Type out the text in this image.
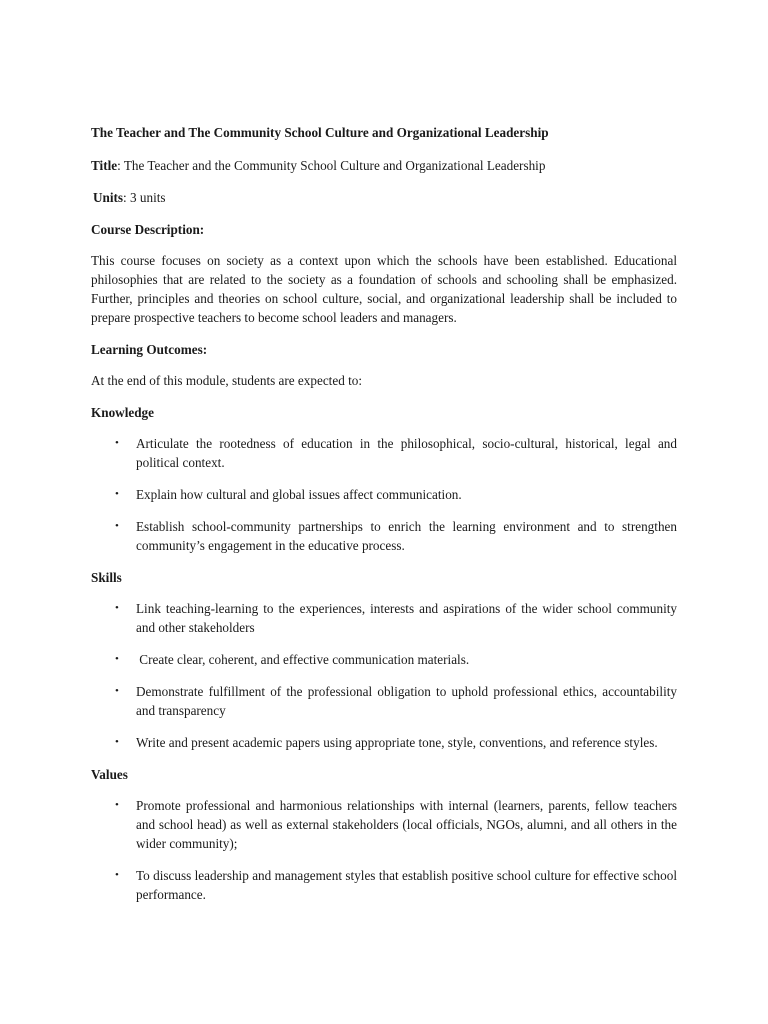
The Teacher and The Community School Culture and Organizational Leadership
Title: The Teacher and the Community School Culture and Organizational Leadership
Units: 3 units
Course Description:
This course focuses on society as a context upon which the schools have been established. Educational philosophies that are related to the society as a foundation of schools and schooling shall be emphasized. Further, principles and theories on school culture, social, and organizational leadership shall be included to prepare prospective teachers to become school leaders and managers.
Learning Outcomes:
At the end of this module, students are expected to:
Knowledge
• Articulate the rootedness of education in the philosophical, socio-cultural, historical, legal and political context.
• Explain how cultural and global issues affect communication.
• Establish school-community partnerships to enrich the learning environment and to strengthen community’s engagement in the educative process.
Skills
• Link teaching-learning to the experiences, interests and aspirations of the wider school community and other stakeholders
• Create clear, coherent, and effective communication materials.
• Demonstrate fulfillment of the professional obligation to uphold professional ethics, accountability and transparency
• Write and present academic papers using appropriate tone, style, conventions, and reference styles.
Values
• Promote professional and harmonious relationships with internal (learners, parents, fellow teachers and school head) as well as external stakeholders (local officials, NGOs, alumni, and all others in the wider community);
• To discuss leadership and management styles that establish positive school culture for effective school performance.
